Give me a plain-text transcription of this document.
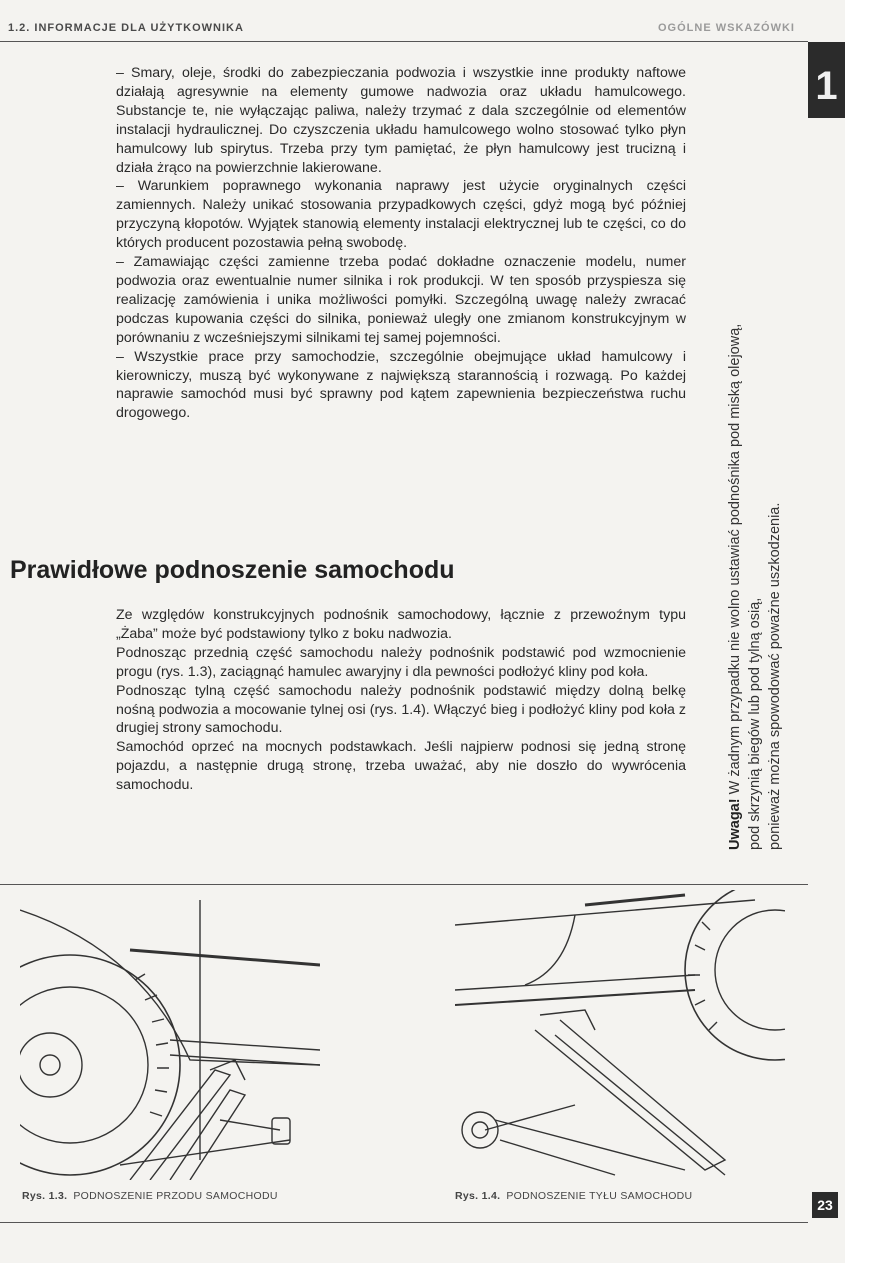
1.2. INFORMACJE DLA UŻYTKOWNIKA	OGÓLNE WSKAZÓWKI

– Smary, oleje, środki do zabezpieczania podwozia i wszystkie inne produkty naftowe działają agresywnie na elementy gumowe nadwozia oraz układu hamulcowego. Substancje te, nie wyłączając paliwa, należy trzymać z dala szczególnie od elementów instalacji hydraulicznej. Do czyszczenia układu hamulcowego wolno stosować tylko płyn hamulcowy lub spirytus. Trzeba przy tym pamiętać, że płyn hamulcowy jest trucizną i działa żrąco na powierzchnie lakierowane.

– Warunkiem poprawnego wykonania naprawy jest użycie oryginalnych części zamiennych. Należy unikać stosowania przypadkowych części, gdyż mogą być później przyczyną kłopotów. Wyjątek stanowią elementy instalacji elektrycznej lub te części, co do których producent pozostawia pełną swobodę.

– Zamawiając części zamienne trzeba podać dokładne oznaczenie modelu, numer podwozia oraz ewentualnie numer silnika i rok produkcji. W ten sposób przyspiesza się realizację zamówienia i unika możliwości pomyłki. Szczególną uwagę należy zwracać podczas kupowania części do silnika, ponieważ uległy one zmianom konstrukcyjnym w porównaniu z wcześniejszymi silnikami tej samej pojemności.

– Wszystkie prace przy samochodzie, szczególnie obejmujące układ hamulcowy i kierowniczy, muszą być wykonywane z największą starannością i rozwagą. Po każdej naprawie samochód musi być sprawny pod kątem zapewnienia bezpieczeństwa ruchu drogowego.

Prawidłowe podnoszenie samochodu

Ze względów konstrukcyjnych podnośnik samochodowy, łącznie z przewoźnym typu „Żaba” może być podstawiony tylko z boku nadwozia.

Podnosząc przednią część samochodu należy podnośnik podstawić pod wzmocnienie progu (rys. 1.3), zaciągnąć hamulec awaryjny i dla pewności podłożyć kliny pod koła.

Podnosząc tylną część samochodu należy podnośnik podstawić między dolną belkę nośną podwozia a mocowanie tylnej osi (rys. 1.4). Włączyć bieg i podłożyć kliny pod koła z drugiej strony samochodu.

Samochód oprzeć na mocnych podstawkach. Jeśli najpierw podnosi się jedną stronę pojazdu, a następnie drugą stronę, trzeba uważać, aby nie doszło do wywrócenia samochodu.

Uwaga! W żadnym przypadku nie wolno ustawiać podnośnika pod miską olejową, pod skrzynią biegów lub pod tylną osią, ponieważ można spowodować poważne uszkodzenia.
Rys. 1.3. PODNOSZENIE PRZODU SAMOCHODU	Rys. 1.4. PODNOSZENIE TYŁU SAMOCHODU
1
23
